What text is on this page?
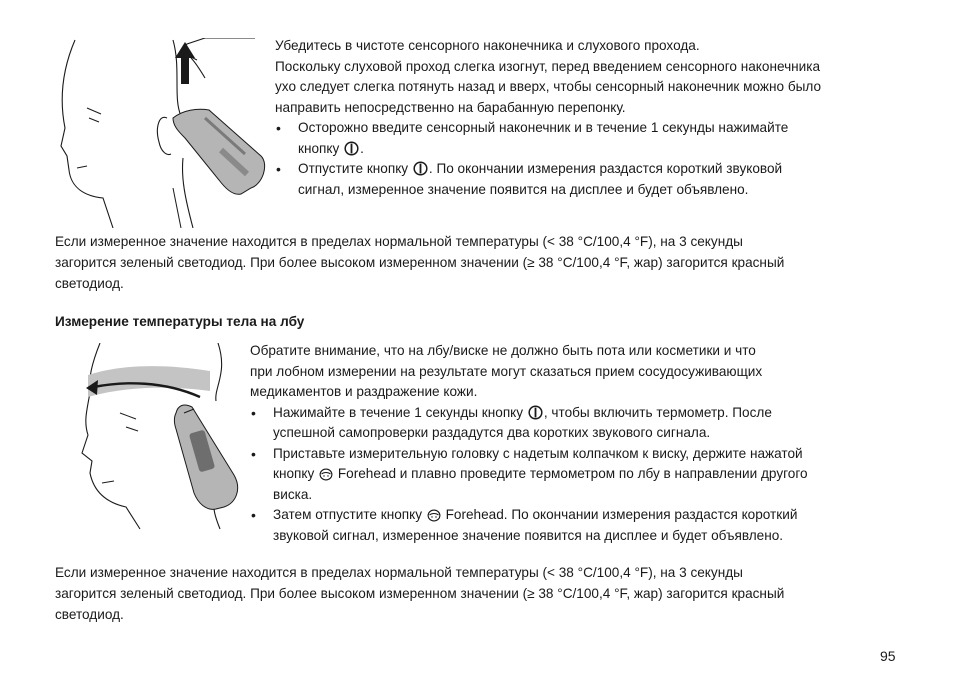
Убедитесь в чистоте сенсорного наконечника и слухового прохода.

Поскольку слуховой проход слегка изогнут, перед введением сенсорного наконечника

ухо следует слегка потянуть назад и вверх, чтобы сенсорный наконечник можно было

направить непосредственно на барабанную перепонку.

• Осторожно введите сенсорный наконечник и в течение 1 секунды нажимайте
кнопку .
• Отпустите кнопку . По окончании измерения раздастся короткий звуковой
сигнал, измеренное значение появится на дисплее и будет объявлено.
Если измеренное значение находится в пределах нормальной температуры (< 38 °C/100,4 °F), на 3 секунды
загорится зеленый светодиод. При более высоком измеренном значении (≥ 38 °C/100,4 °F, жар) загорится красный
светодиод.
Измерение температуры тела на лбу

Обратите внимание, что на лбу/виске не должно быть пота или косметики и что

при лобном измерении на результате могут сказаться прием сосудосуживающих

медикаментов и раздражение кожи.

• Нажимайте в течение 1 секунды кнопку , чтобы включить термометр. После
успешной самопроверки раздадутся два коротких звукового сигнала.
• Приставьте измерительную головку с надетым колпачком к виску, держите нажатой
кнопку Forehead и плавно проведите термометром по лбу в направлении другого
виска.
• Затем отпустите кнопку Forehead. По окончании измерения раздастся короткий
звуковой сигнал, измеренное значение появится на дисплее и будет объявлено.
Если измеренное значение находится в пределах нормальной температуры (< 38 °C/100,4 °F), на 3 секунды
загорится зеленый светодиод. При более высоком измеренном значении (≥ 38 °C/100,4 °F, жар) загорится красный
светодиод.
95
